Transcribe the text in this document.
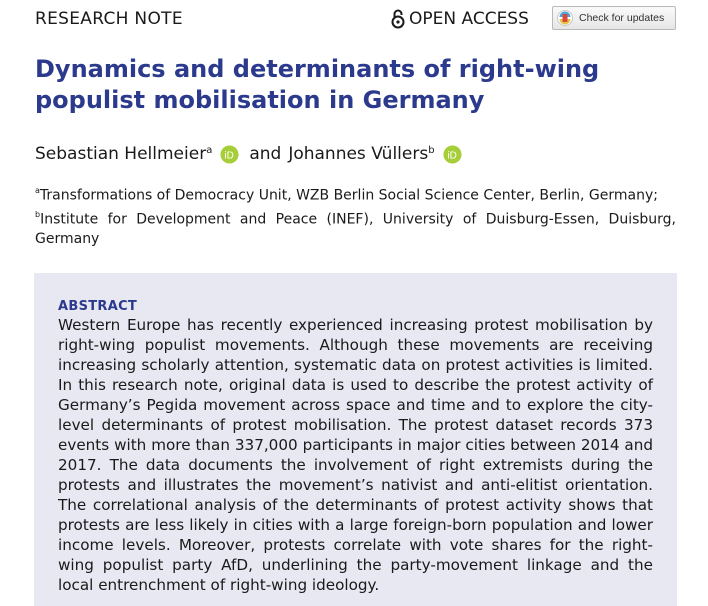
RESEARCH NOTE	OPEN ACCESS	Check for updates
Dynamics and determinants of right-wing populist mobilisation in Germany
Sebastian Hellmeier$^a$ iD and Johannes Vüllers$^b$ iD

$^a$Transformations of Democracy Unit, WZB Berlin Social Science Center, Berlin, Germany;

$^b$Institute for Development and Peace (INEF), University of Duisburg-Essen, Duisburg, Germany

ABSTRACT

Western Europe has recently experienced increasing protest mobilisation by right-wing populist movements. Although these movements are receiving increasing scholarly attention, systematic data on protest activities is limited. In this research note, original data is used to describe the protest activity of Germany’s Pegida movement across space and time and to explore the city-level determinants of protest mobilisation. The protest dataset records 373 events with more than 337,000 participants in major cities between 2014 and 2017. The data documents the involvement of right extremists during the protests and illustrates the movement’s nativist and anti-elitist orientation. The correlational analysis of the determinants of protest activity shows that protests are less likely in cities with a large foreign-born population and lower income levels. Moreover, protests correlate with vote shares for the right-wing populist party AfD, underlining the party-movement linkage and the local entrenchment of right-wing ideology.
